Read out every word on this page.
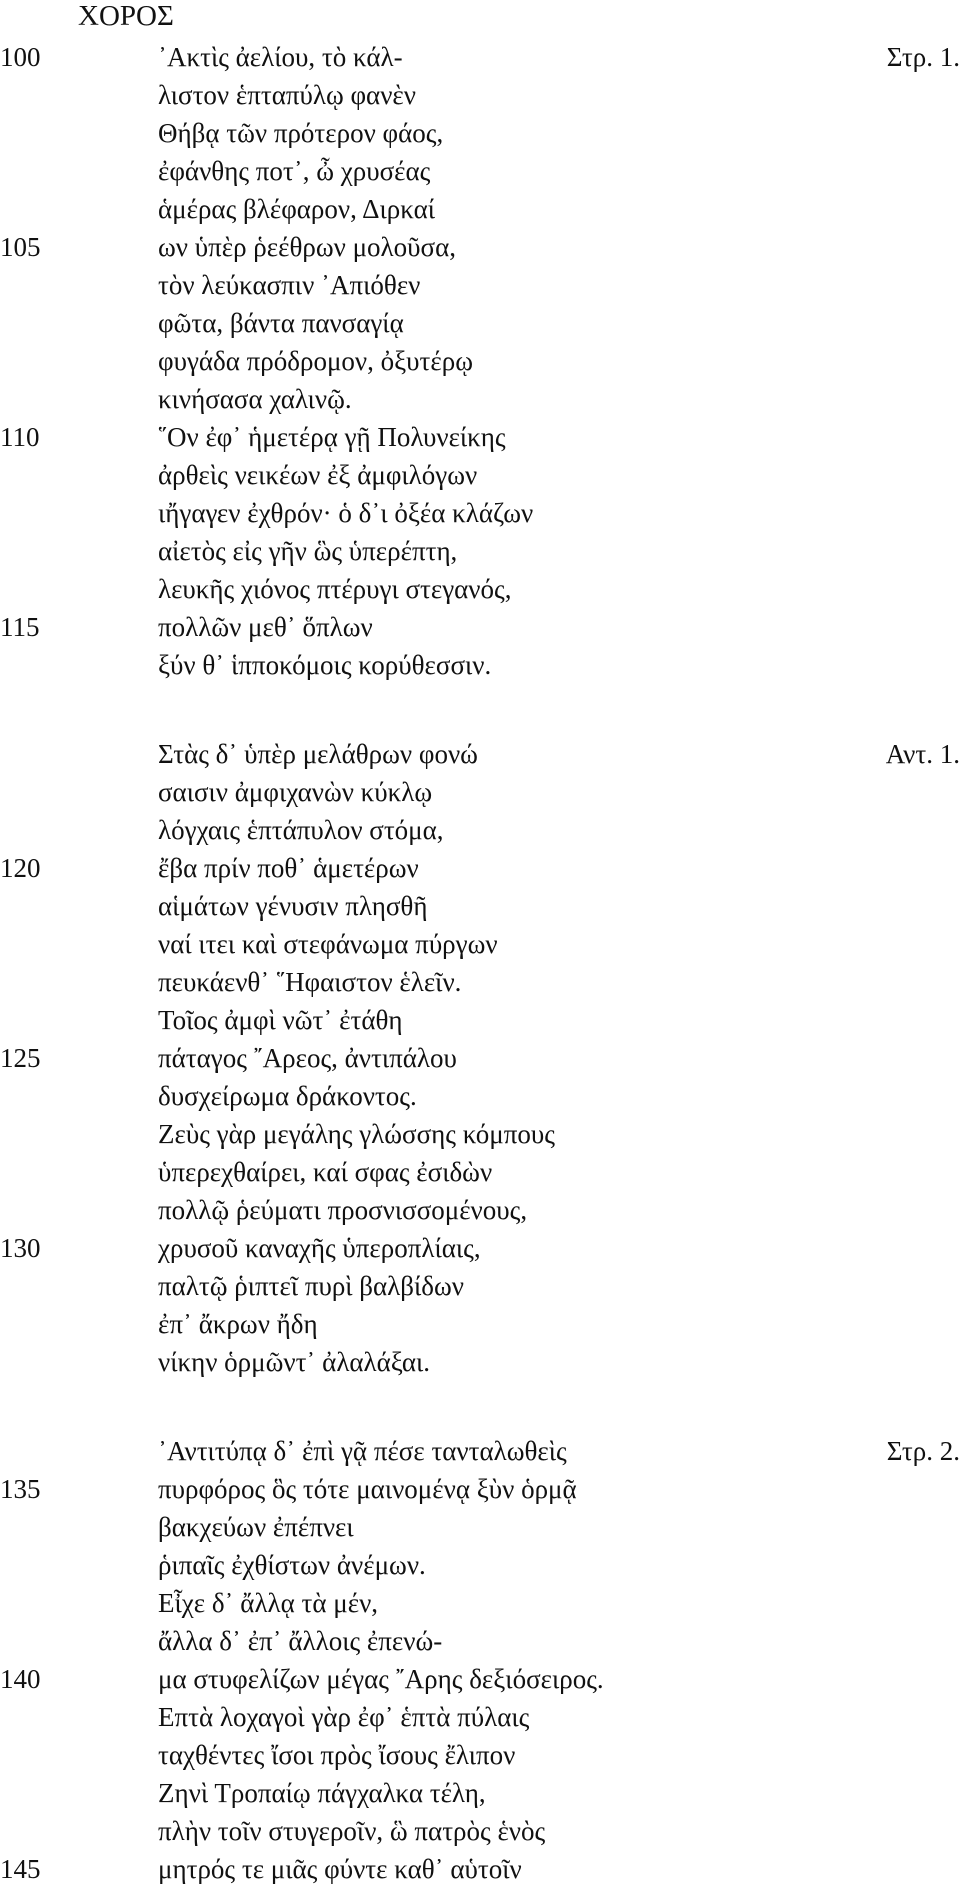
ΧΟΡΟΣ
100	᾿Ακτὶς ἀελίου, τὸ κάλ-	Στρ. 1.
λιστον ἑπταπύλῳ φανὲν
Θήβᾳ τῶν πρότερον φάος,
ἐφάνθης ποτ᾿, ὦ χρυσέας
ἁμέρας βλέφαρον, Διρκαί
105	ων ὑπὲρ ῥεέθρων μολοῦσα,
τὸν λεύκασπιν ᾿Απιόθεν
φῶτα, βάντα πανσαγίᾳ
φυγάδα πρόδρομον, ὀξυτέρῳ
κινήσασα χαλινῷ.
110	῞Ον ἐφ᾿ ἡμετέρᾳ γῇ Πολυνείκης
ἀρθεὶς νεικέων ἐξ ἀμφιλόγων
ιἤγαγεν ἐχθρόν· ὁ δ᾿ι ὀξέα κλάζων
αἰετὸς εἰς γῆν ὣς ὑπερέπτη,
λευκῆς χιόνος πτέρυγι στεγανός,
115	πολλῶν μεθ᾿ ὅπλων
ξύν θ᾿ ἱπποκόμοις κορύθεσσιν.
Στὰς δ᾿ ὑπὲρ μελάθρων φονώ	Αντ. 1.
σαισιν ἀμφιχανὼν κύκλῳ
λόγχαις ἑπτάπυλον στόμα,
120	ἔβα πρίν ποθ᾿ ἁμετέρων
αἱμάτων γένυσιν πλησθῆ
ναί ιτει καὶ στεφάνωμα πύργων
πευκάενθ᾿ ῞Ηφαιστον ἑλεῖν.
Τοῖος ἀμφὶ νῶτ᾿ ἐτάθη
125	πάταγος ῎Αρεος, ἀντιπάλου
δυσχείρωμα δράκοντος.
Ζεὺς γὰρ μεγάλης γλώσσης κόμπους
ὑπερεχθαίρει, καί σφας ἐσιδὼν
πολλῷ ῥεύματι προσνισσομένους,
130	χρυσοῦ καναχῆς ὑπεροπλίαις,
παλτῷ ῥιπτεῖ πυρὶ βαλβίδων
ἐπ᾿ ἄκρων ἤδη
νίκην ὁρμῶντ᾿ ἀλαλάξαι.
᾿Αντιτύπᾳ δ᾿ ἐπὶ γᾷ πέσε τανταλωθεὶς	Στρ. 2.
135	πυρφόρος ὃς τότε μαινομένᾳ ξὺν ὁρμᾷ
βακχεύων ἐπέπνει
ῥιπαῖς ἐχθίστων ἀνέμων.
Εἶχε δ᾿ ἄλλᾳ τὰ μέν,
ἄλλα δ᾿ ἐπ᾿ ἄλλοις ἐπενώ-
140	μα στυφελίζων μέγας ῎Αρης δεξιόσειρος.
Επτὰ λοχαγοὶ γὰρ ἐφ᾿ ἑπτὰ πύλαις
ταχθέντες ἴσοι πρὸς ἴσους ἔλιπον
Ζηνὶ Τροπαίῳ πάγχαλκα τέλη,
πλὴν τοῖν στυγεροῖν, ὣ πατρὸς ἑνὸς
145	μητρός τε μιᾶς φύντε καθ᾿ αὑτοῖν
